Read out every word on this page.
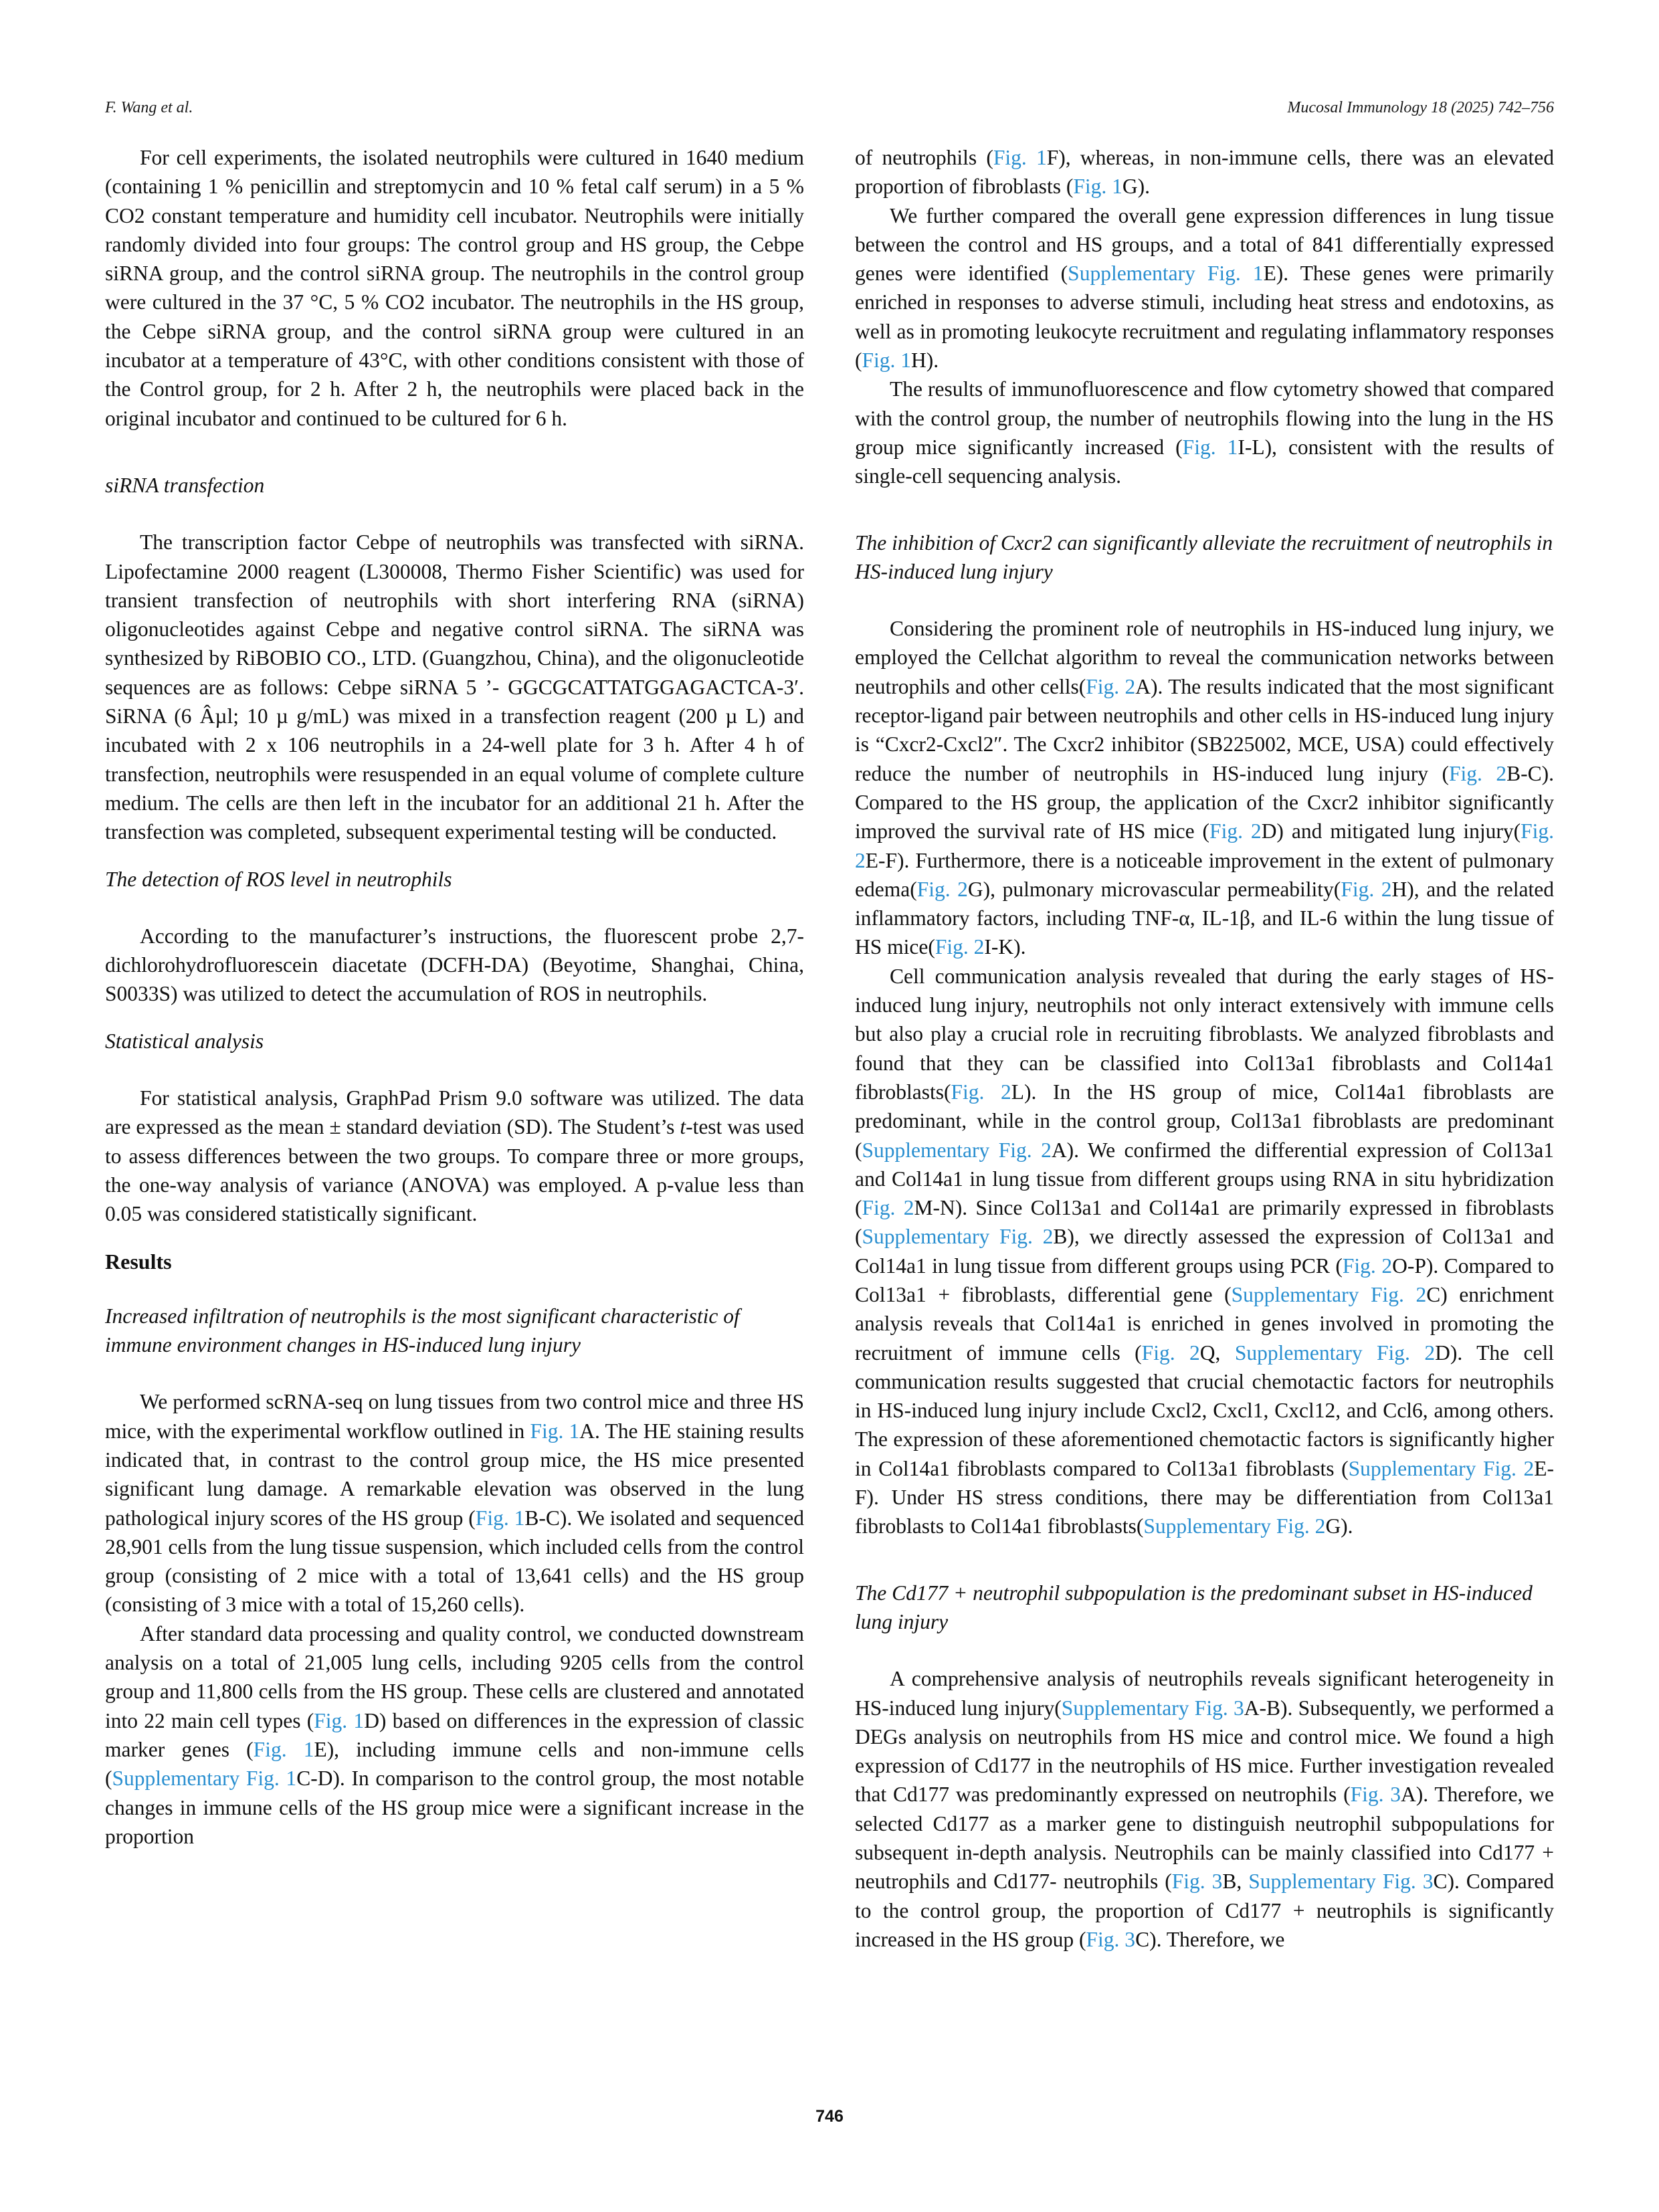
F. Wang et al.	Mucosal Immunology 18 (2025) 742–756

For cell experiments, the isolated neutrophils were cultured in 1640 medium (containing 1 % penicillin and streptomycin and 10 % fetal calf serum) in a 5 % CO2 constant temperature and humidity cell incubator. Neutrophils were initially randomly divided into four groups: The control group and HS group, the Cebpe siRNA group, and the control siRNA group. The neutrophils in the control group were cultured in the 37 °C, 5 % CO2 incubator. The neutrophils in the HS group, the Cebpe siRNA group, and the control siRNA group were cultured in an incubator at a temperature of 43°C, with other conditions consistent with those of the Control group, for 2 h. After 2 h, the neutrophils were placed back in the original incubator and continued to be cultured for 6 h.

siRNA transfection

The transcription factor Cebpe of neutrophils was transfected with siRNA. Lipofectamine 2000 reagent (L300008, Thermo Fisher Scientific) was used for transient transfection of neutrophils with short interfering RNA (siRNA) oligonucleotides against Cebpe and negative control siRNA. The siRNA was synthesized by RiBOBIO CO., LTD. (Guangzhou, China), and the oligonucleotide sequences are as follows: Cebpe siRNA 5 ’- GGCGCATTATGGAGACTCA-3′. SiRNA (6 Âµl; 10 µ g/mL) was mixed in a transfection reagent (200 µ L) and incubated with 2 x 106 neutrophils in a 24-well plate for 3 h. After 4 h of transfection, neutrophils were resuspended in an equal volume of complete culture medium. The cells are then left in the incubator for an additional 21 h. After the transfection was completed, subsequent experimental testing will be conducted.

The detection of ROS level in neutrophils

According to the manufacturer’s instructions, the fluorescent probe 2,7-dichlorohydrofluorescein diacetate (DCFH-DA) (Beyotime, Shanghai, China, S0033S) was utilized to detect the accumulation of ROS in neutrophils.

Statistical analysis

For statistical analysis, GraphPad Prism 9.0 software was utilized. The data are expressed as the mean ± standard deviation (SD). The Student’s t-test was used to assess differences between the two groups. To compare three or more groups, the one-way analysis of variance (ANOVA) was employed. A p-value less than 0.05 was considered statistically significant.

Results
Increased infiltration of neutrophils is the most significant characteristic of immune environment changes in HS-induced lung injury

We performed scRNA-seq on lung tissues from two control mice and three HS mice, with the experimental workflow outlined in Fig. 1A. The HE staining results indicated that, in contrast to the control group mice, the HS mice presented significant lung damage. A remarkable elevation was observed in the lung pathological injury scores of the HS group (Fig. 1B-C). We isolated and sequenced 28,901 cells from the lung tissue suspension, which included cells from the control group (consisting of 2 mice with a total of 13,641 cells) and the HS group (consisting of 3 mice with a total of 15,260 cells).

After standard data processing and quality control, we conducted downstream analysis on a total of 21,005 lung cells, including 9205 cells from the control group and 11,800 cells from the HS group. These cells are clustered and annotated into 22 main cell types (Fig. 1D) based on differences in the expression of classic marker genes (Fig. 1E), including immune cells and non-immune cells (Supplementary Fig. 1C-D). In comparison to the control group, the most notable changes in immune cells of the HS group mice were a significant increase in the proportion

of neutrophils (Fig. 1F), whereas, in non-immune cells, there was an elevated proportion of fibroblasts (Fig. 1G).

We further compared the overall gene expression differences in lung tissue between the control and HS groups, and a total of 841 differentially expressed genes were identified (Supplementary Fig. 1E). These genes were primarily enriched in responses to adverse stimuli, including heat stress and endotoxins, as well as in promoting leukocyte recruitment and regulating inflammatory responses (Fig. 1H).

The results of immunofluorescence and flow cytometry showed that compared with the control group, the number of neutrophils flowing into the lung in the HS group mice significantly increased (Fig. 1I-L), consistent with the results of single-cell sequencing analysis.

The inhibition of Cxcr2 can significantly alleviate the recruitment of neutrophils in HS-induced lung injury

Considering the prominent role of neutrophils in HS-induced lung injury, we employed the Cellchat algorithm to reveal the communication networks between neutrophils and other cells(Fig. 2A). The results indicated that the most significant receptor-ligand pair between neutrophils and other cells in HS-induced lung injury is “Cxcr2-Cxcl2″. The Cxcr2 inhibitor (SB225002, MCE, USA) could effectively reduce the number of neutrophils in HS-induced lung injury (Fig. 2B-C). Compared to the HS group, the application of the Cxcr2 inhibitor significantly improved the survival rate of HS mice (Fig. 2D) and mitigated lung injury(Fig. 2E-F). Furthermore, there is a noticeable improvement in the extent of pulmonary edema(Fig. 2G), pulmonary microvascular permeability(Fig. 2H), and the related inflammatory factors, including TNF-α, IL-1β, and IL-6 within the lung tissue of HS mice(Fig. 2I-K).

Cell communication analysis revealed that during the early stages of HS-induced lung injury, neutrophils not only interact extensively with immune cells but also play a crucial role in recruiting fibroblasts. We analyzed fibroblasts and found that they can be classified into Col13a1 fibroblasts and Col14a1 fibroblasts(Fig. 2L). In the HS group of mice, Col14a1 fibroblasts are predominant, while in the control group, Col13a1 fibroblasts are predominant (Supplementary Fig. 2A). We confirmed the differential expression of Col13a1 and Col14a1 in lung tissue from different groups using RNA in situ hybridization (Fig. 2M-N). Since Col13a1 and Col14a1 are primarily expressed in fibroblasts (Supplementary Fig. 2B), we directly assessed the expression of Col13a1 and Col14a1 in lung tissue from different groups using PCR (Fig. 2O-P). Compared to Col13a1 + fibroblasts, differential gene (Supplementary Fig. 2C) enrichment analysis reveals that Col14a1 is enriched in genes involved in promoting the recruitment of immune cells (Fig. 2Q, Supplementary Fig. 2D). The cell communication results suggested that crucial chemotactic factors for neutrophils in HS-induced lung injury include Cxcl2, Cxcl1, Cxcl12, and Ccl6, among others. The expression of these aforementioned chemotactic factors is significantly higher in Col14a1 fibroblasts compared to Col13a1 fibroblasts (Supplementary Fig. 2E-F). Under HS stress conditions, there may be differentiation from Col13a1 fibroblasts to Col14a1 fibroblasts(Supplementary Fig. 2G).

The Cd177 + neutrophil subpopulation is the predominant subset in HS-induced lung injury

A comprehensive analysis of neutrophils reveals significant heterogeneity in HS-induced lung injury(Supplementary Fig. 3A-B). Subsequently, we performed a DEGs analysis on neutrophils from HS mice and control mice. We found a high expression of Cd177 in the neutrophils of HS mice. Further investigation revealed that Cd177 was predominantly expressed on neutrophils (Fig. 3A). Therefore, we selected Cd177 as a marker gene to distinguish neutrophil subpopulations for subsequent in-depth analysis. Neutrophils can be mainly classified into Cd177 + neutrophils and Cd177- neutrophils (Fig. 3B, Supplementary Fig. 3C). Compared to the control group, the proportion of Cd177 + neutrophils is significantly increased in the HS group (Fig. 3C). Therefore, we

746
